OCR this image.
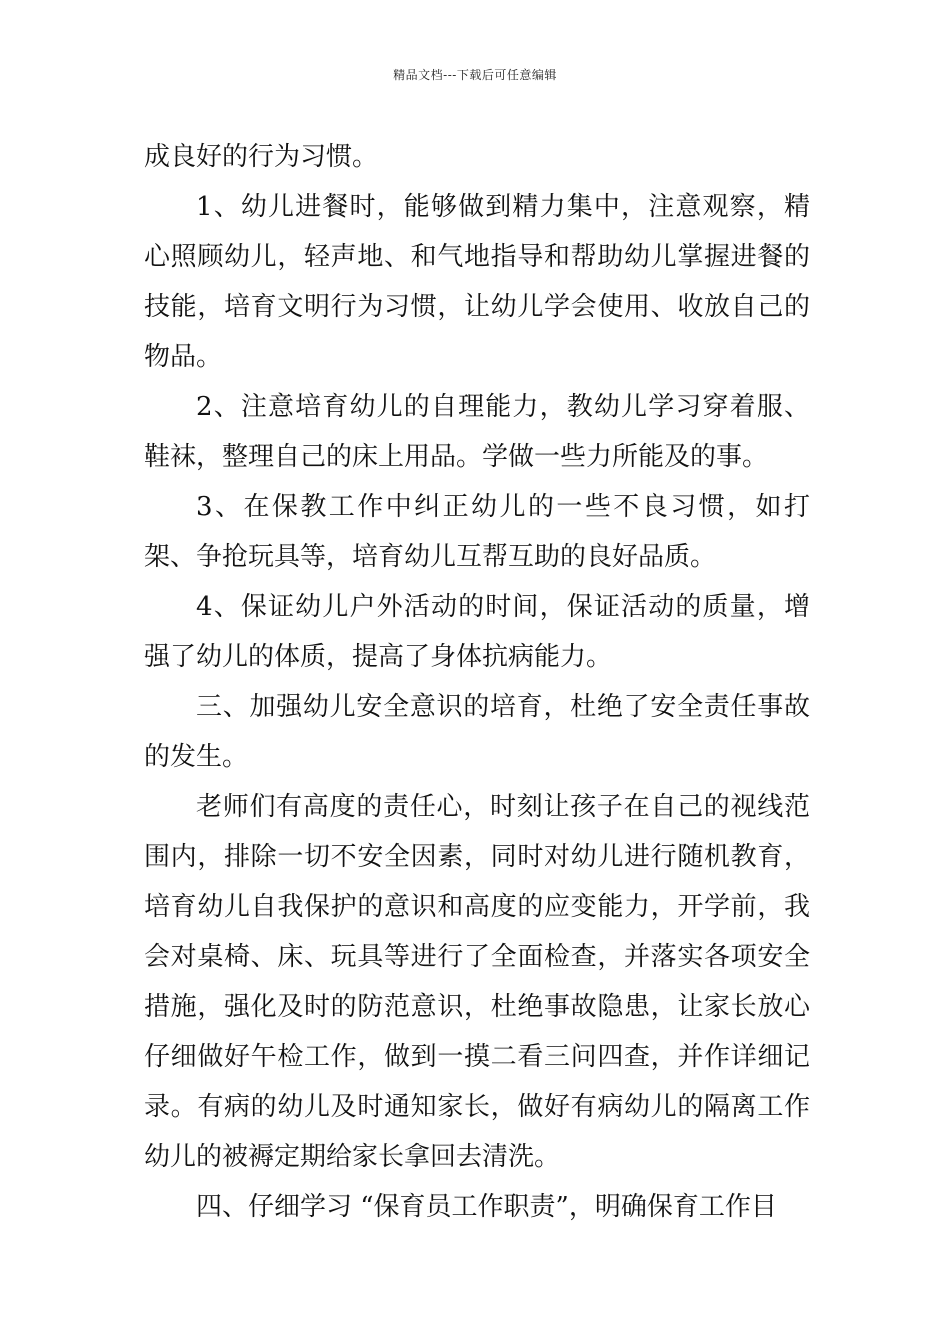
精品文档---下载后可任意编辑

成良好的行为习惯。

1、幼儿进餐时，能够做到精力集中，注意观察，精心照顾幼儿，轻声地、和气地指导和帮助幼儿掌握进餐的技能，培育文明行为习惯，让幼儿学会使用、收放自己的物品。

2、注意培育幼儿的自理能力，教幼儿学习穿着服、鞋袜，整理自己的床上用品。学做一些力所能及的事。

3、在保教工作中纠正幼儿的一些不良习惯，如打架、争抢玩具等，培育幼儿互帮互助的良好品质。

4、保证幼儿户外活动的时间，保证活动的质量，增强了幼儿的体质，提高了身体抗病能力。

三、加强幼儿安全意识的培育，杜绝了安全责任事故的发生。

老师们有高度的责任心，时刻让孩子在自己的视线范围内，排除一切不安全因素，同时对幼儿进行随机教育，培育幼儿自我保护的意识和高度的应变能力，开学前，我会对桌椅、床、玩具等进行了全面检查，并落实各项安全措施，强化及时的防范意识，杜绝事故隐患，让家长放心仔细做好午检工作，做到一摸二看三问四查，并作详细记录。有病的幼儿及时通知家长，做好有病幼儿的隔离工作幼儿的被褥定期给家长拿回去清洗。

四、仔细学习 “保育员工作职责”，明确保育工作目
